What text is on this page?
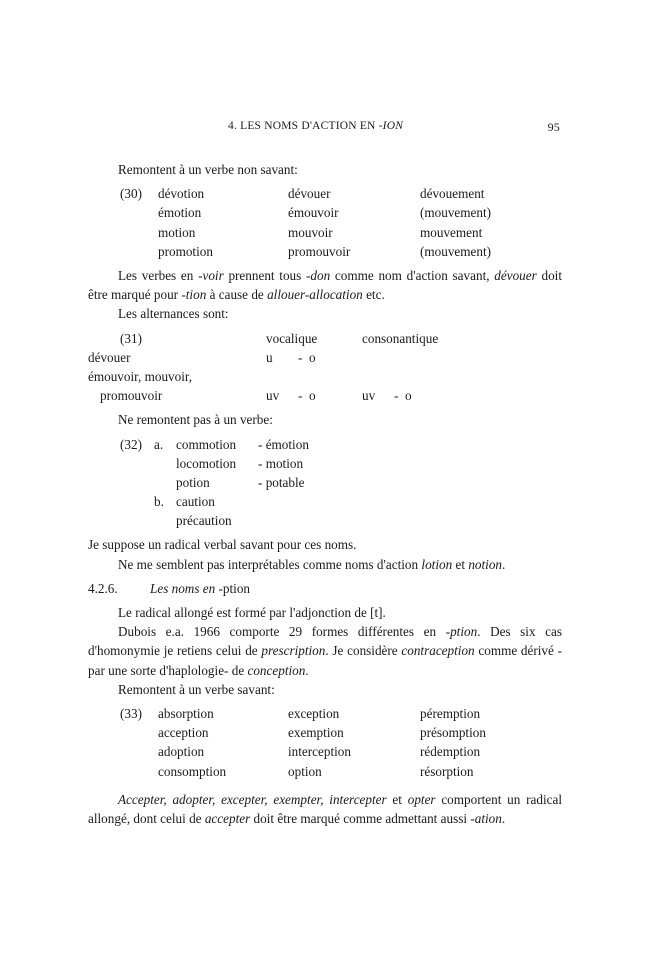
4. LES NOMS D'ACTION EN -ION	95

Remontent à un verbe non savant:

(30) dévotion	dévouer	dévouement
émotion	émouvoir	(mouvement)
motion	mouvoir	mouvement
promotion	promouvoir	(mouvement)

Les verbes en -voir prennent tous -don comme nom d'action savant, dévouer doit être marqué pour -tion à cause de allouer-allocation etc.

Les alternances sont:

(31)	vocalique	consonantique
dévouer	u - o
émouvoir, mouvoir,
promouvoir	uv - o	uv - o

Ne remontent pas à un verbe:

(32) a. commotion - émotion
locomotion - motion
potion	- potable
b. caution
précaution

Je suppose un radical verbal savant pour ces noms.

Ne me semblent pas interprétables comme noms d'action lotion et notion.

4.2.6. Les noms en -ption

Le radical allongé est formé par l'adjonction de [t].

Dubois e.a. 1966 comporte 29 formes différentes en -ption. Des six cas d'homonymie je retiens celui de prescription. Je considère contraception comme dérivé -par une sorte d'haplologie- de conception.

Remontent à un verbe savant:

(33) absorption	exception	péremption
acception	exemption	présomption
adoption	interception	rédemption
consomption	option	résorption

Accepter, adopter, excepter, exempter, intercepter et opter comportent un radical allongé, dont celui de accepter doit être marqué comme admettant aussi -ation.
